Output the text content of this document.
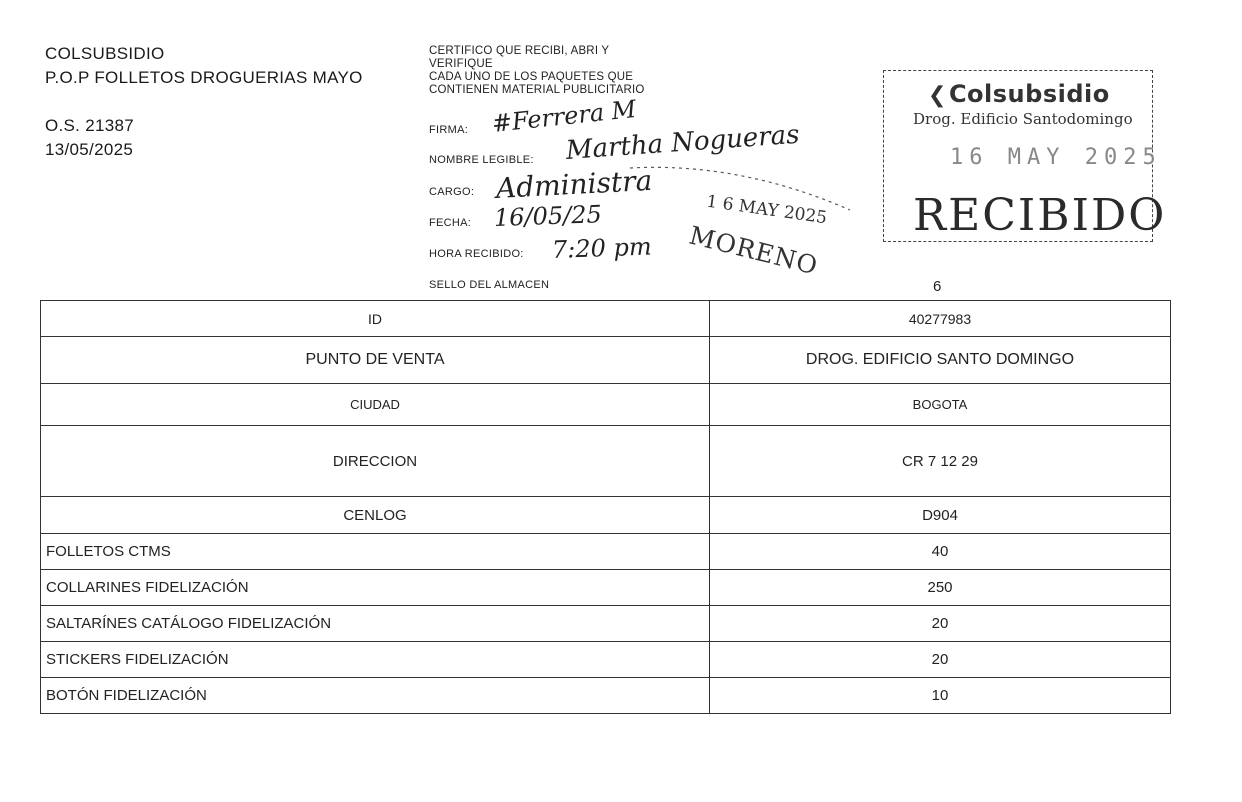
COLSUBSIDIO
P.O.P FOLLETOS DROGUERIAS MAYO
O.S. 21387
13/05/2025
CERTIFICO QUE RECIBI, ABRI Y
VERIFIQUE
CADA UNO DE LOS PAQUETES QUE
CONTIENEN MATERIAL PUBLICITARIO
FIRMA:
NOMBRE LEGIBLE:
CARGO:
FECHA:
HORA RECIBIDO:
SELLO DEL ALMACEN
#Ferrera M
Martha Nogueras
Administra
16/05/25
7:20 pm
1 6 MAY 2025
MORENO
❮Colsubsidio
Drog. Edificio Santodomingo
16 MAY 2025
RECIBIDO
6
ID	40277983
PUNTO DE VENTA	DROG. EDIFICIO SANTO DOMINGO
CIUDAD	BOGOTA
DIRECCION	CR 7 12 29
CENLOG	D904
FOLLETOS CTMS	40
COLLARINES FIDELIZACIÓN	250
SALTARÍNES CATÁLOGO FIDELIZACIÓN	20
STICKERS FIDELIZACIÓN	20
BOTÓN FIDELIZACIÓN	10
